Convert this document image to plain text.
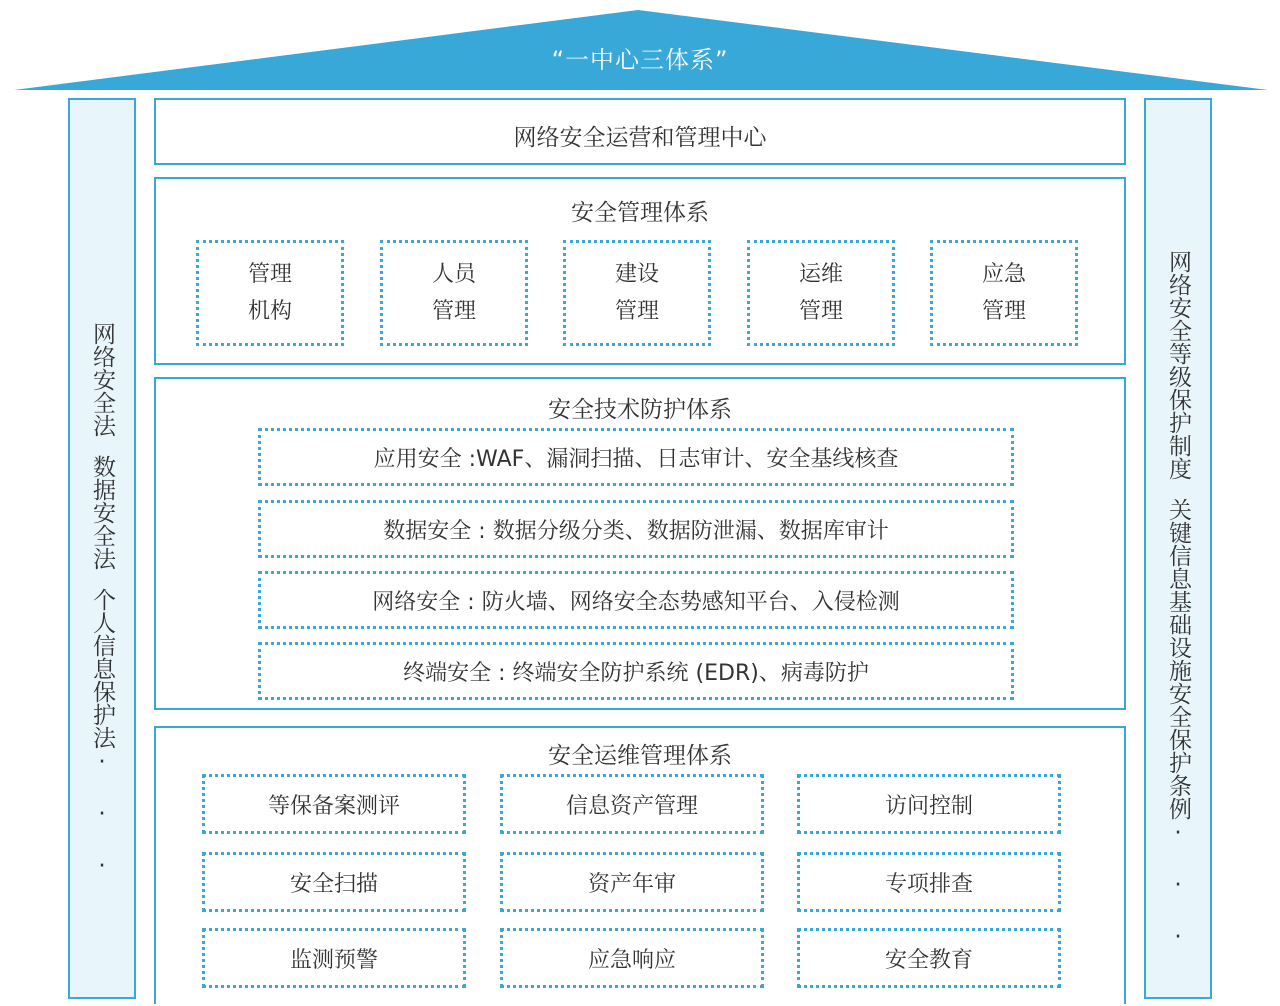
“一中心三体系”
网络安全法数据安全法个人信息保护法· · ·
网络安全等级保护制度关键信息基础设施安全保护条例· · ·
网络安全运营和管理中心
安全管理体系
管理
机构
人员
管理
建设
管理
运维
管理
应急
管理
安全技术防护体系
应用安全 :WAF、漏洞扫描、日志审计、安全基线核查
数据安全 : 数据分级分类、数据防泄漏、数据库审计
网络安全 : 防火墙、网络安全态势感知平台、入侵检测
终端安全 : 终端安全防护系统 (EDR)、病毒防护
安全运维管理体系
等保备案测评	信息资产管理	访问控制
安全扫描	资产年审	专项排查
监测预警	应急响应	安全教育
